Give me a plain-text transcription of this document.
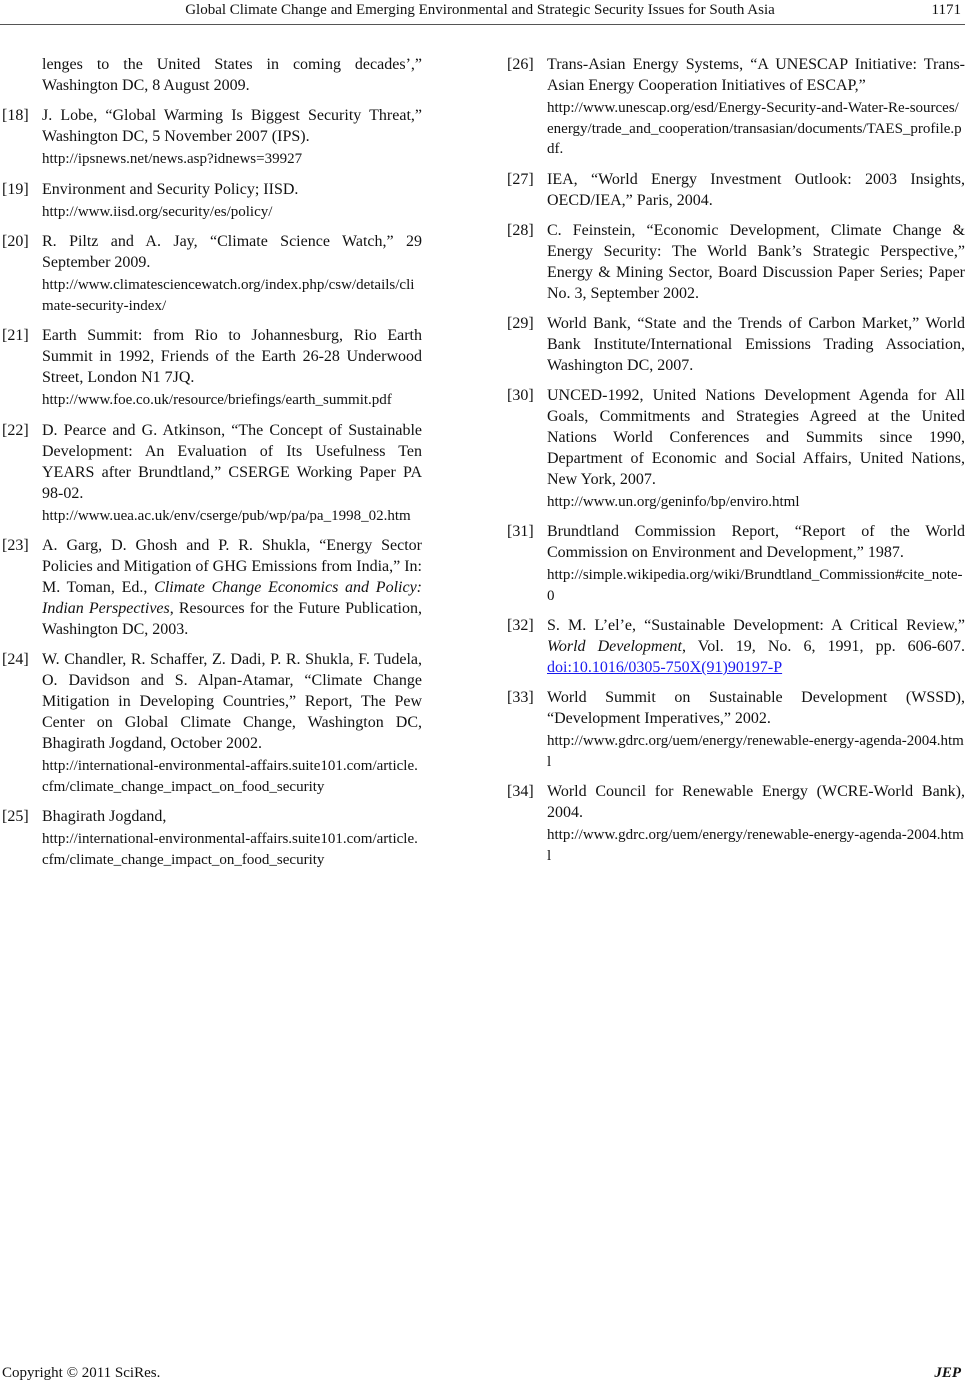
Global Climate Change and Emerging Environmental and Strategic Security Issues for South Asia	1171
lenges to the United States in coming decades’,” Washington DC, 8 August 2009.
[18] J. Lobe, “Global Warming Is Biggest Security Threat,” Washington DC, 5 November 2007 (IPS).
http://ipsnews.net/news.asp?idnews=39927
[19] Environment and Security Policy; IISD.
http://www.iisd.org/security/es/policy/
[20] R. Piltz and A. Jay, “Climate Science Watch,” 29 September 2009.
http://www.climatesciencewatch.org/index.php/csw/details/climate-security-index/
[21] Earth Summit: from Rio to Johannesburg, Rio Earth Summit in 1992, Friends of the Earth 26-28 Underwood Street, London N1 7JQ.
http://www.foe.co.uk/resource/briefings/earth_summit.pdf
[22] D. Pearce and G. Atkinson, “The Concept of Sustainable Development: An Evaluation of Its Usefulness Ten YEARS after Brundtland,” CSERGE Working Paper PA 98-02.
http://www.uea.ac.uk/env/cserge/pub/wp/pa/pa_1998_02.htm
[23] A. Garg, D. Ghosh and P. R. Shukla, “Energy Sector Policies and Mitigation of GHG Emissions from India,” In: M. Toman, Ed., Climate Change Economics and Policy: Indian Perspectives, Resources for the Future Publication, Washington DC, 2003.
[24] W. Chandler, R. Schaffer, Z. Dadi, P. R. Shukla, F. Tudela, O. Davidson and S. Alpan-Atamar, “Climate Change Mitigation in Developing Countries,” Report, The Pew Center on Global Climate Change, Washington DC, Bhagirath Jogdand, October 2002.
http://international-environmental-affairs.suite101.com/article.cfm/climate_change_impact_on_food_security
[25] Bhagirath Jogdand,
http://international-environmental-affairs.suite101.com/article.cfm/climate_change_impact_on_food_security
[26] Trans-Asian Energy Systems, “A UNESCAP Initiative: Trans-Asian Energy Cooperation Initiatives of ESCAP,”
http://www.unescap.org/esd/Energy-Security-and-Water-Re-sources/energy/trade_and_cooperation/transasian/documents/TAES_profile.pdf.
[27] IEA, “World Energy Investment Outlook: 2003 Insights, OECD/IEA,” Paris, 2004.
[28] C. Feinstein, “Economic Development, Climate Change & Energy Security: The World Bank’s Strategic Perspective,” Energy & Mining Sector, Board Discussion Paper Series; Paper No. 3, September 2002.
[29] World Bank, “State and the Trends of Carbon Market,” World Bank Institute/International Emissions Trading Association, Washington DC, 2007.
[30] UNCED-1992, United Nations Development Agenda for All Goals, Commitments and Strategies Agreed at the United Nations World Conferences and Summits since 1990, Department of Economic and Social Affairs, United Nations, New York, 2007.
http://www.un.org/geninfo/bp/enviro.html
[31] Brundtland Commission Report, “Report of the World Commission on Environment and Development,” 1987.
http://simple.wikipedia.org/wiki/Brundtland_Commission#cite_note-0
[32] S. M. L’el’e, “Sustainable Development: A Critical Review,” World Development, Vol. 19, No. 6, 1991, pp. 606-607. doi:10.1016/0305-750X(91)90197-P
[33] World Summit on Sustainable Development (WSSD), “Development Imperatives,” 2002.
http://www.gdrc.org/uem/energy/renewable-energy-agenda-2004.html
[34] World Council for Renewable Energy (WCRE-World Bank), 2004.
http://www.gdrc.org/uem/energy/renewable-energy-agenda-2004.html
Copyright © 2011 SciRes.	JEP
